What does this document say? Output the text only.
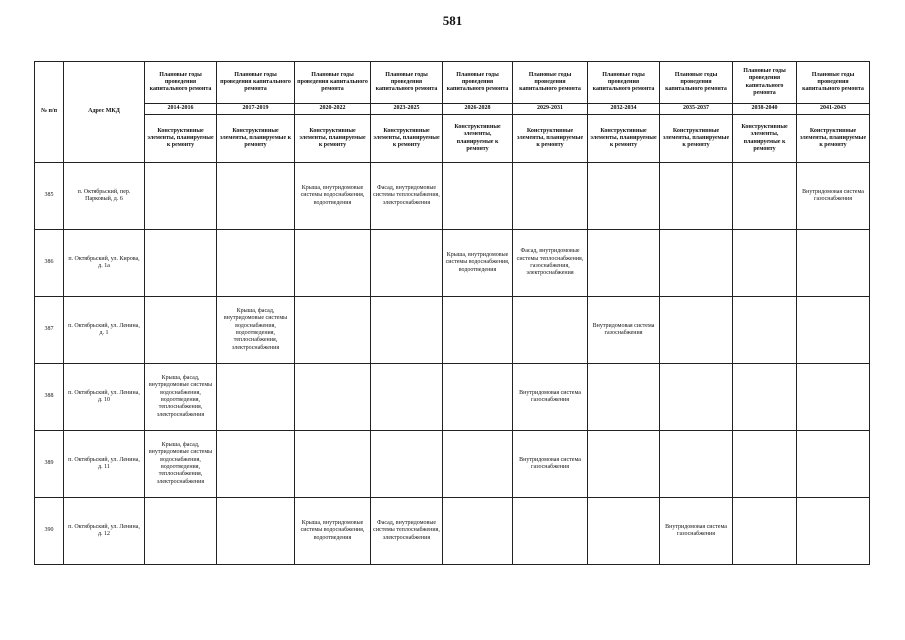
581
№ п/п	Адрес МКД	Плановые годы проведения капитального ремонта	Плановые годы проведения капитального ремонта	Плановые годы проведения капитального ремонта	Плановые годы проведения капитального ремонта	Плановые годы проведения капитального ремонта	Плановые годы проведения капитального ремонта	Плановые годы проведения капитального ремонта	Плановые годы проведения капитального ремонта	Плановые годы проведения капитального ремонта	Плановые годы проведения капитального ремонта
		2014-2016	2017-2019	2020-2022	2023-2025	2026-2028	2029-2031	2032-2034	2035-2037	2038-2040	2041-2043
		Конструктивные элементы, планируемые к ремонту	Конструктивные элементы, планируемые к ремонту	Конструктивные элементы, планируемые к ремонту	Конструктивные элементы, планируемые к ремонту	Конструктивные элементы, планируемые к ремонту	Конструктивные элементы, планируемые к ремонту	Конструктивные элементы, планируемые к ремонту	Конструктивные элементы, планируемые к ремонту	Конструктивные элементы, планируемые к ремонту	Конструктивные элементы, планируемые к ремонту
385	п. Октябрьский, пер. Парковый, д. 6			Крыша, внутридомовые системы водоснабжения, водоотведения	Фасад, внутридомовые системы теплоснабжения, электроснабжения						Внутридомовая система газоснабжения
386	п. Октябрьский, ул. Кирова, д. 1а					Крыша, внутридомовые системы водоснабжения, водоотведения	Фасад, внутридомовые системы теплоснабжения, газоснабжения, электроснабжения				
387	п. Октябрьский, ул. Ленина, д. 1		Крыша, фасад, внутридомовые системы водоснабжения, водоотведения, теплоснабжения, электроснабжения					Внутридомовая система газоснабжения			
388	п. Октябрьский, ул. Ленина, д. 10	Крыша, фасад, внутридомовые системы водоснабжения, водоотведения, теплоснабжения, электроснабжения					Внутридомовая система газоснабжения				
389	п. Октябрьский, ул. Ленина, д. 11	Крыша, фасад, внутридомовые системы водоснабжения, водоотведения, теплоснабжения, электроснабжения					Внутридомовая система газоснабжения				
390	п. Октябрьский, ул. Ленина, д. 12			Крыша, внутридомовые системы водоснабжения, водоотведения	Фасад, внутридомовые системы теплоснабжения, электроснабжения				Внутридомовая система газоснабжения		
